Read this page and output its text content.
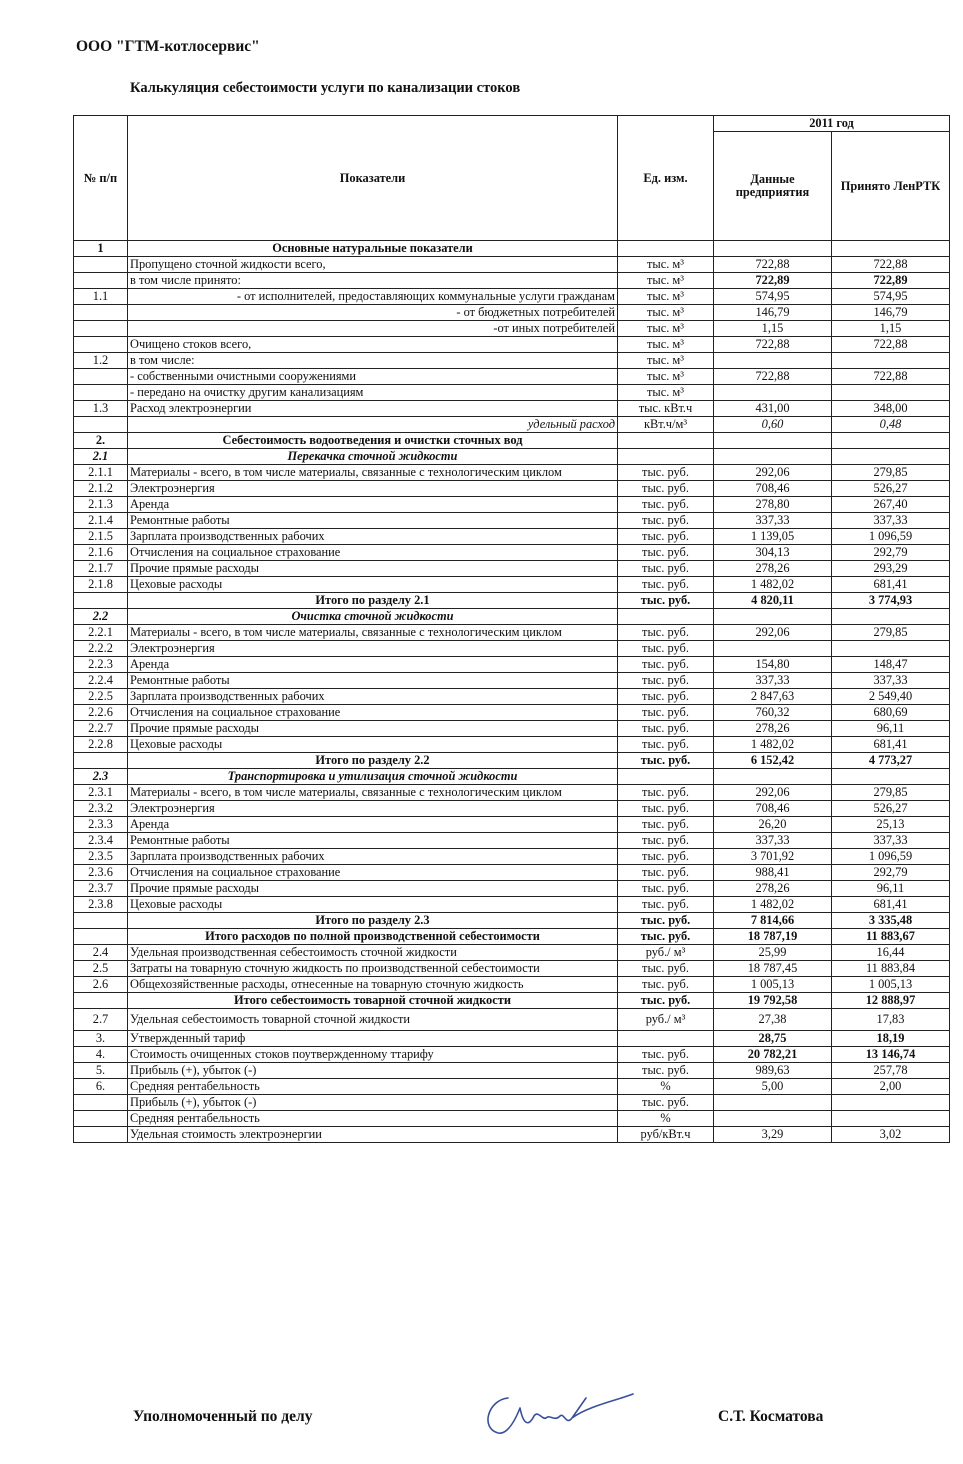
ООО "ГТМ-котлосервис"
Калькуляция себестоимости услуги по канализации стоков
№ п/п	Показатели	Ед. изм.	2011 год	
			Данные предприятия	Принято ЛенРТК
1	Основные натуральные показатели			
	Пропущено сточной жидкости всего,	тыс. м³	722,88	722,88
	в том числе принято:	тыс. м³	722,89	722,89
1.1	- от исполнителей, предоставляющих коммунальные услуги гражданам	тыс. м³	574,95	574,95
	- от бюджетных потребителей	тыс. м³	146,79	146,79
	-от иных потребителей	тыс. м³	1,15	1,15
	Очищено стоков всего,	тыс. м³	722,88	722,88
1.2	в том числе:	тыс. м³		
	- собственными очистными сооружениями	тыс. м³	722,88	722,88
	- передано на очистку другим канализациям	тыс. м³		
1.3	Расход электроэнергии	тыс. кВт.ч	431,00	348,00
	удельный расход	кВт.ч/м³	0,60	0,48
2.	Себестоимость водоотведения и очистки сточных вод			
2.1	Перекачка сточной жидкости			
2.1.1	Материалы - всего, в том числе материалы, связанные с технологическим циклом	тыс. руб.	292,06	279,85
2.1.2	Электроэнергия	тыс. руб.	708,46	526,27
2.1.3	Аренда	тыс. руб.	278,80	267,40
2.1.4	Ремонтные работы	тыс. руб.	337,33	337,33
2.1.5	Зарплата производственных рабочих	тыс. руб.	1 139,05	1 096,59
2.1.6	Отчисления на социальное страхование	тыс. руб.	304,13	292,79
2.1.7	Прочие прямые расходы	тыс. руб.	278,26	293,29
2.1.8	Цеховые расходы	тыс. руб.	1 482,02	681,41
	Итого по разделу 2.1	тыс. руб.	4 820,11	3 774,93
2.2	Очистка сточной жидкости			
2.2.1	Материалы - всего, в том числе материалы, связанные с технологическим циклом	тыс. руб.	292,06	279,85
2.2.2	Электроэнергия	тыс. руб.		
2.2.3	Аренда	тыс. руб.	154,80	148,47
2.2.4	Ремонтные работы	тыс. руб.	337,33	337,33
2.2.5	Зарплата производственных рабочих	тыс. руб.	2 847,63	2 549,40
2.2.6	Отчисления на социальное страхование	тыс. руб.	760,32	680,69
2.2.7	Прочие прямые расходы	тыс. руб.	278,26	96,11
2.2.8	Цеховые расходы	тыс. руб.	1 482,02	681,41
	Итого по разделу 2.2	тыс. руб.	6 152,42	4 773,27
2.3	Транспортировка и утилизация сточной жидкости			
2.3.1	Материалы - всего, в том числе материалы, связанные с технологическим циклом	тыс. руб.	292,06	279,85
2.3.2	Электроэнергия	тыс. руб.	708,46	526,27
2.3.3	Аренда	тыс. руб.	26,20	25,13
2.3.4	Ремонтные работы	тыс. руб.	337,33	337,33
2.3.5	Зарплата производственных рабочих	тыс. руб.	3 701,92	1 096,59
2.3.6	Отчисления на социальное страхование	тыс. руб.	988,41	292,79
2.3.7	Прочие прямые расходы	тыс. руб.	278,26	96,11
2.3.8	Цеховые расходы	тыс. руб.	1 482,02	681,41
	Итого по разделу 2.3	тыс. руб.	7 814,66	3 335,48
	Итого расходов по полной производственной себестоимости	тыс. руб.	18 787,19	11 883,67
2.4	Удельная производственная себестоимость сточной жидкости	руб./ м³	25,99	16,44
2.5	Затраты на товарную сточную жидкость по производственной себестоимости	тыс. руб.	18 787,45	11 883,84
2.6	Общехозяйственные расходы, отнесенные на товарную сточную жидкость	тыс. руб.	1 005,13	1 005,13
	Итого себестоимость товарной сточной жидкости	тыс. руб.	19 792,58	12 888,97
2.7	Удельная себестоимость товарной сточной жидкости	руб./ м³	27,38	17,83
3.	Утвержденный тариф		28,75	18,19
4.	Стоимость очищенных стоков поутвержденному ттарифу	тыс. руб.	20 782,21	13 146,74
5.	Прибыль (+), убыток (-)	тыс. руб.	989,63	257,78
6.	Средняя рентабельность	%	5,00	2,00
	Прибыль (+), убыток (-)	тыс. руб.		
	Средняя рентабельность	%		
	Удельная стоимость электроэнергии	руб/кВт.ч	3,29	3,02
Уполномоченный по делу	С.Т. Косматова
